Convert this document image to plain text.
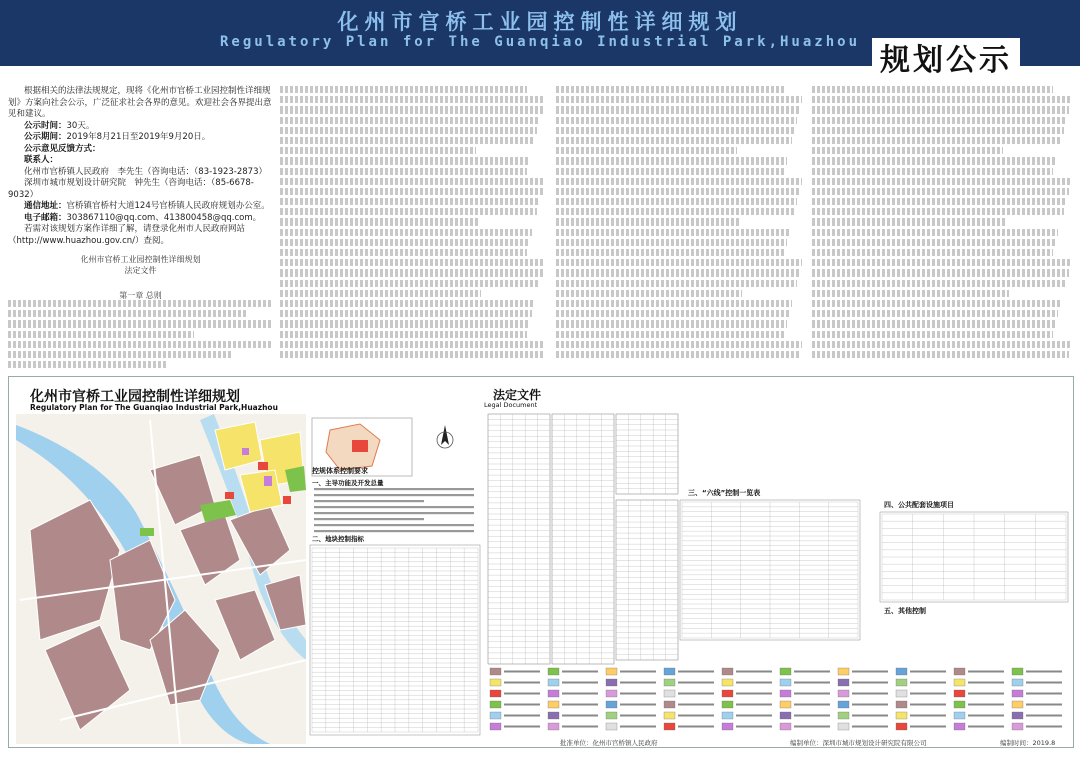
化州市官桥工业园控制性详细规划
Regulatory Plan for The Guanqiao Industrial Park,Huazhou
规划公示

根据相关的法律法规规定，现将《化州市官桥工业园控制性详细规划》方案向社会公示，广泛征求社会各界的意见。欢迎社会各界提出意见和建议。

公示时间：30天。

公示期间：2019年8月21日至2019年9月20日。

公示意见反馈方式：

联系人：

化州市官桥镇人民政府　 李先生（咨询电话：（83-1923-2873）

深圳市城市规划设计研究院　 钟先生（咨询电话：（85-6678-9032）

通信地址：官桥镇官桥村大道124号官桥镇人民政府规划办公室。

电子邮箱：303867110@qq.com、413800458@qq.com。

若需对该规划方案作详细了解，请登录化州市人民政府网站（http://www.huazhou.gov.cn/）查阅。

化州市官桥工业园控制性详细规划
法定文件
第一章 总则
化州市官桥工业园控制性详细规划
Regulatory Plan for The Guanqiao Industrial Park,Huazhou
法定文件
Legal Document
控规体系控制要求
一、主导功能及开发总量
二、地块控制指标
三、“六线”控制一览表
四、公共配套设施项目
五、其他控制
批准单位：化州市官桥镇人民政府	编制单位：深圳市城市规划设计研究院有限公司	编制时间：2019.8
